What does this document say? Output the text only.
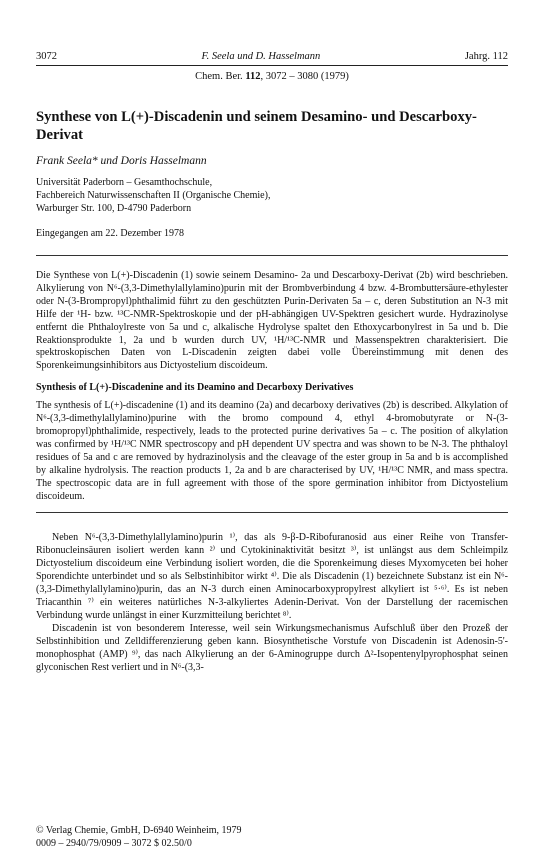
3072	F. Seela und D. Hasselmann	Jahrg. 112
Chem. Ber. 112, 3072 – 3080 (1979)
Synthese von L(+)-Discadenin und seinem Desamino- und Descarboxy-Derivat
Frank Seela* und Doris Hasselmann
Universität Paderborn – Gesamthochschule,
Fachbereich Naturwissenschaften II (Organische Chemie),
Warburger Str. 100, D-4790 Paderborn
Eingegangen am 22. Dezember 1978
Die Synthese von L(+)-Discadenin (1) sowie seinem Desamino- 2a und Descarboxy-Derivat (2b) wird beschrieben. Alkylierung von N⁶-(3,3-Dimethylallylamino)purin mit der Brombverbindung 4 bzw. 4-Brombuttersäure-ethylester oder N-(3-Brompropyl)phthalimid führt zu den geschützten Purin-Derivaten 5a – c, deren Substitution an N-3 mit Hilfe der ¹H- bzw. ¹³C-NMR-Spektroskopie und der pH-abhängigen UV-Spektren gesichert wurde. Hydrazinolyse entfernt die Phthaloylreste von 5a und c, alkalische Hydrolyse spaltet den Ethoxycarbonylrest in 5a und b. Die Reaktionsprodukte 1, 2a und b wurden durch UV, ¹H/¹³C-NMR und Massenspektren charakterisiert. Die spektroskopischen Daten von L-Discadenin zeigten dabei volle Übereinstimmung mit denen des Sporenkeimungsinhibitors aus Dictyostelium discoideum.
Synthesis of L(+)-Discadenine and its Deamino and Decarboxy Derivatives
The synthesis of L(+)-discadenine (1) and its deamino (2a) and decarboxy derivatives (2b) is described. Alkylation of N⁶-(3,3-dimethylallylamino)purine with the bromo compound 4, ethyl 4-bromobutyrate or N-(3-bromopropyl)phthalimide, respectively, leads to the protected purine derivatives 5a – c. The position of alkylation was confirmed by ¹H/¹³C NMR spectroscopy and pH dependent UV spectra and was shown to be N-3. The phthaloyl residues of 5a and c are removed by hydrazinolysis and the cleavage of the ester group in 5a and b is accomplished by alkaline hydrolysis. The reaction products 1, 2a and b are characterised by UV, ¹H/¹³C NMR, and mass spectra. The spectroscopic data are in full agreement with those of the spore germination inhibitor from Dictyostelium discoideum.

Neben N⁶-(3,3-Dimethylallylamino)purin ¹⁾, das als 9-β-D-Ribofuranosid aus einer Reihe von Transfer-Ribonucleinsäuren isoliert werden kann ²⁾ und Cytokininaktivität besitzt ³⁾, ist unlängst aus dem Schleimpilz Dictyostelium discoideum eine Verbindung isoliert worden, die die Sporenkeimung dieses Myxomyceten bei hoher Sporendichte unterbindet und so als Selbstinhibitor wirkt ⁴⁾. Die als Discadenin (1) bezeichnete Substanz ist ein N⁶-(3,3-Dimethylallylamino)purin, das an N-3 durch einen Aminocarboxypropylrest alkyliert ist ⁵·⁶⁾. Es ist neben Triacanthin ⁷⁾ ein weiteres natürliches N-3-alkyliertes Adenin-Derivat. Von der Darstellung der racemischen Verbindung wurde unlängst in einer Kurzmitteilung berichtet ⁸⁾.

Discadenin ist von besonderem Interesse, weil sein Wirkungsmechanismus Aufschluß über den Prozeß der Selbstinhibition und Zelldifferenzierung geben kann. Biosynthetische Vorstufe von Discadenin ist Adenosin-5'-monophosphat (AMP) ⁹⁾, das nach Alkylierung an der 6-Aminogruppe durch Δ²-Isopentenylpyrophosphat seinen glyconischen Rest verliert und in N⁶-(3,3-

© Verlag Chemie, GmbH, D-6940 Weinheim, 1979
0009 – 2940/79/0909 – 3072 $ 02.50/0
